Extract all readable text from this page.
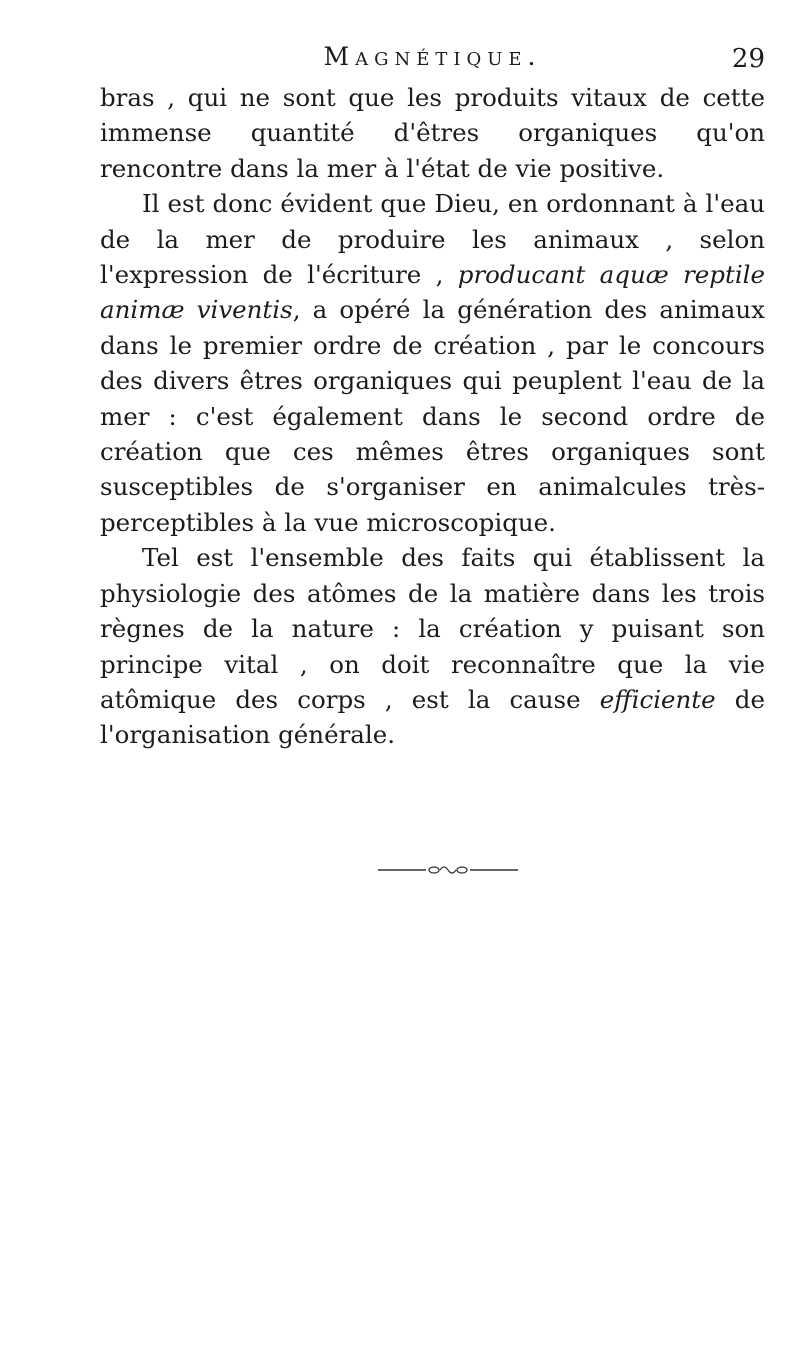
Magnétique.	29

bras , qui ne sont que les produits vitaux de cette immense quantité d'êtres organiques qu'on rencontre dans la mer à l'état de vie positive.

Il est donc évident que Dieu, en ordonnant à l'eau de la mer de produire les animaux , selon l'expression de l'écriture , producant aquæ reptile animæ viventis, a opéré la génération des animaux dans le premier ordre de création , par le concours des divers êtres organiques qui peuplent l'eau de la mer : c'est également dans le second ordre de création que ces mêmes êtres organiques sont susceptibles de s'organiser en animalcules très-perceptibles à la vue microscopique.

Tel est l'ensemble des faits qui établissent la physiologie des atômes de la matière dans les trois règnes de la nature : la création y puisant son principe vital , on doit reconnaître que la vie atômique des corps , est la cause efficiente de l'organisation générale.
